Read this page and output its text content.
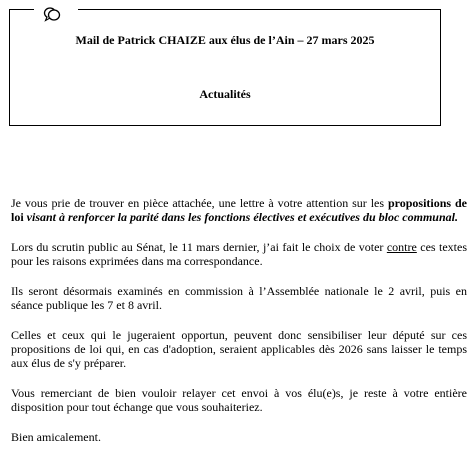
Mail de Patrick CHAIZE aux élus de l’Ain – 27 mars 2025
Actualités

Je vous prie de trouver en pièce attachée, une lettre à votre attention sur les propositions de loi visant à renforcer la parité dans les fonctions électives et exécutives du bloc communal.

Lors du scrutin public au Sénat, le 11 mars dernier, j’ai fait le choix de voter contre ces textes pour les raisons exprimées dans ma correspondance.

Ils seront désormais examinés en commission à l’Assemblée nationale le 2 avril, puis en séance publique les 7 et 8 avril.

Celles et ceux qui le jugeraient opportun, peuvent donc sensibiliser leur député sur ces propositions de loi qui, en cas d'adoption, seraient applicables dès 2026 sans laisser le temps aux élus de s'y préparer.

Vous remerciant de bien vouloir relayer cet envoi à vos élu(e)s, je reste à votre entière disposition pour tout échange que vous souhaiteriez.

Bien amicalement.
